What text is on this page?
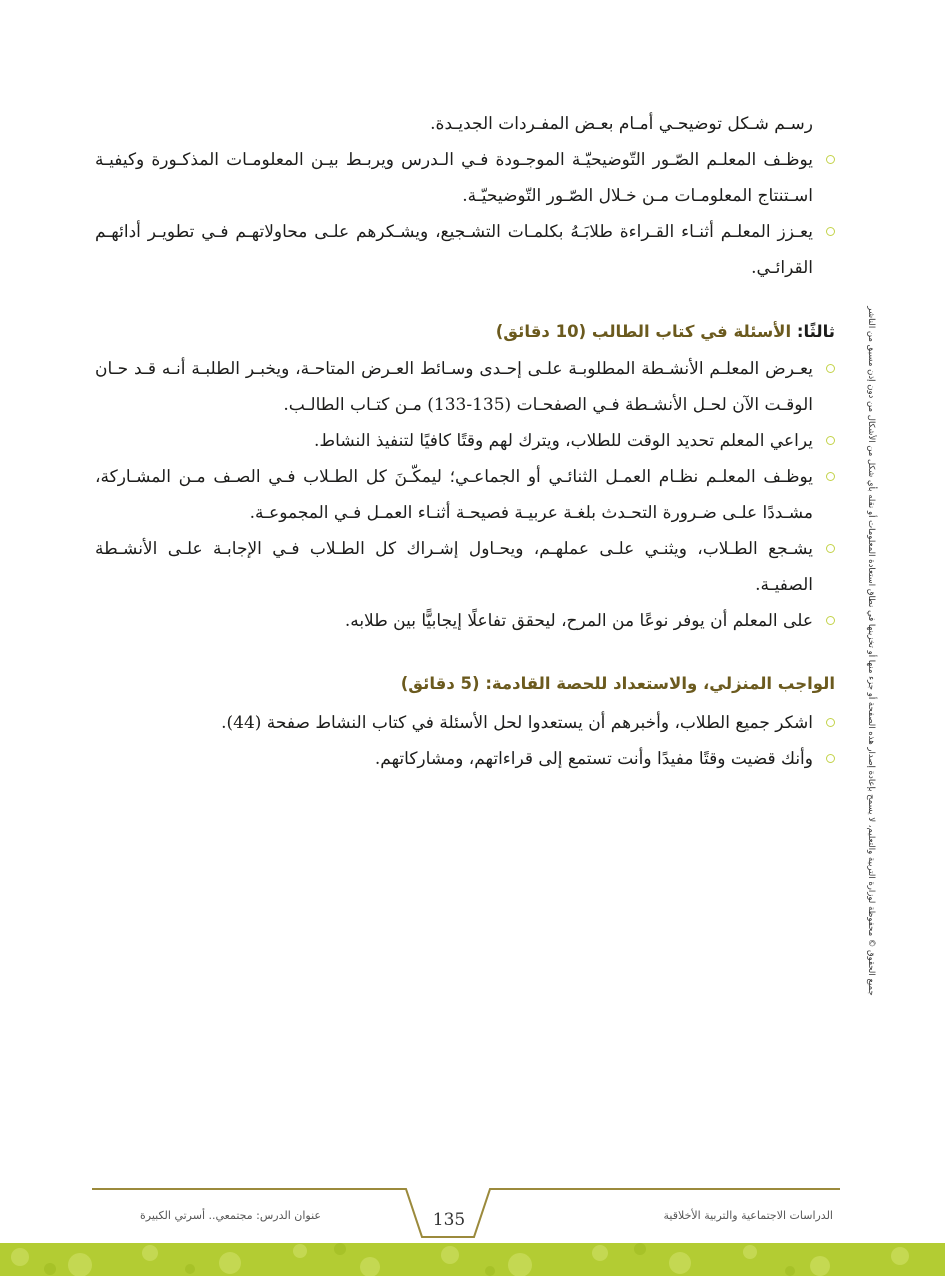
رسـم شـكل توضيحـي أمـام بعـض المفـردات الجديـدة.

يوظـف المعلـم الصّـور التّوضيحيّـة الموجـودة فـي الـدرس ويربـط بيـن المعلومـات المذكـورة وكيفيـة اسـتنتاج المعلومـات مـن خـلال الصّـور التّوضيحيّـة.
يعـزز المعلـم أثنـاء القـراءة طلابَـهُ بكلمـات التشـجيع، ويشـكرهم علـى محاولاتهـم فـي تطويـر أدائهـم القرائـي.
ثالثًا: الأسئلة في كتاب الطالب (10 دقائق)
يعـرض المعلـم الأنشـطة المطلوبـة علـى إحـدى وسـائط العـرض المتاحـة، ويخبـر الطلبـة أنـه قـد حـان الوقـت الآن لحـل الأنشـطة فـي الصفحـات (135-133) مـن كتـاب الطالـب.
يراعي المعلم تحديد الوقت للطلاب، ويترك لهم وقتًا كافيًا لتنفيذ النشاط.
يوظـف المعلـم نظـام العمـل الثنائـي أو الجماعـي؛ ليمكّـنَ كل الطـلاب فـي الصـف مـن المشـاركة، مشـددًا علـى ضـرورة التحـدث بلغـة عربيـة فصيحـة أثنـاء العمـل فـي المجموعـة.
يشـجع الطـلاب، ويثنـي علـى عملهـم، ويحـاول إشـراك كل الطـلاب فـي الإجابـة علـى الأنشـطة الصفيـة.
على المعلم أن يوفر نوعًا من المرح، ليحقق تفاعلًا إيجابيًّا بين طلابه.
الواجب المنزلي، والاستعداد للحصة القادمة: (5 دقائق)
اشكر جميع الطلاب، وأخبرهم أن يستعدوا لحل الأسئلة في كتاب النشاط صفحة (44).
وأنك قضيت وقتًا مفيدًا وأنت تستمع إلى قراءاتهم، ومشاركاتهم.	جميع الحقوق © محفوظة لوزارة التربية والتعليم، لا يسمح بإعادة إصدار هذه الصفحة أو جزء منها أو تخزينها في نطاق استعادة المعلومات أو نقله بأي شكل من الأشكال من دون إذن مسبق من الناشر
عنوان الدرس: مجتمعي.. أسرتي الكبيرة	135	الدراسات الاجتماعية والتربية الأخلاقية
